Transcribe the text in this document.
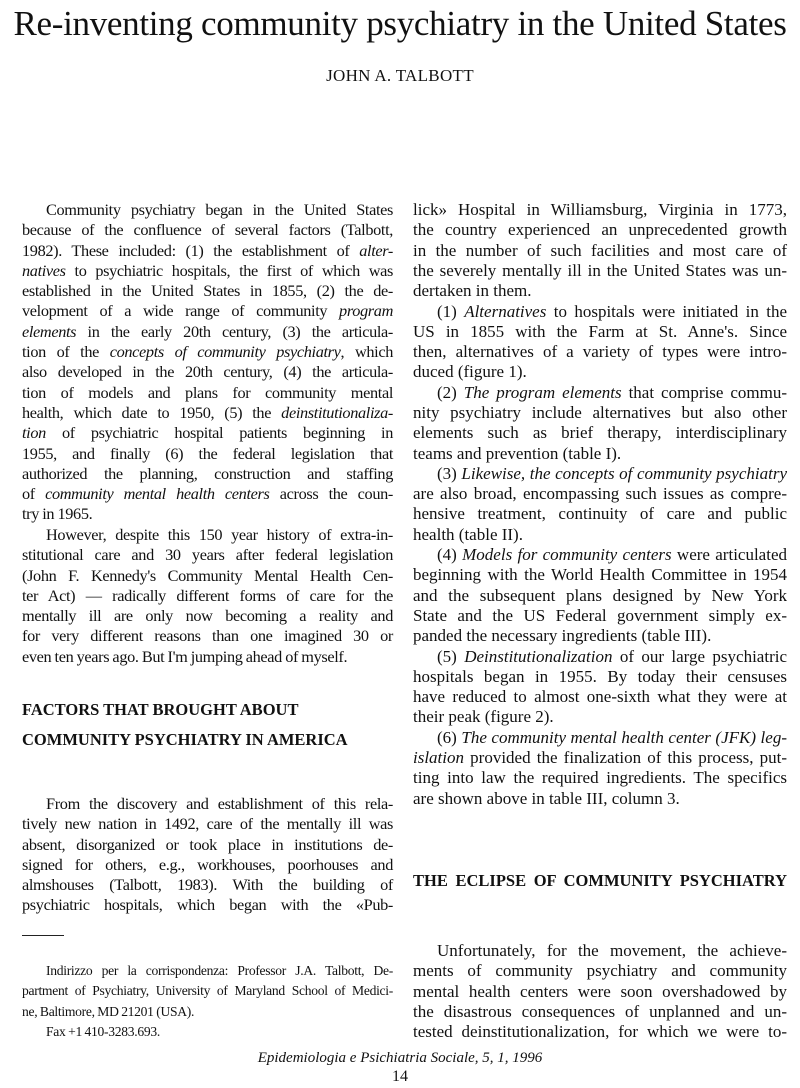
Re-inventing community psychiatry in the United States
JOHN A. TALBOTT
Community psychiatry began in the United States
because of the confluence of several factors (Talbott,
1982). These included: (1) the establishment of alter-
natives to psychiatric hospitals, the first of which was
established in the United States in 1855, (2) the de-
velopment of a wide range of community program
elements in the early 20th century, (3) the articula-
tion of the concepts of community psychiatry, which
also developed in the 20th century, (4) the articula-
tion of models and plans for community mental
health, which date to 1950, (5) the deinstitutionaliza-
tion of psychiatric hospital patients beginning in
1955, and finally (6) the federal legislation that
authorized the planning, construction and staffing
of community mental health centers across the coun-
try in 1965.
However, despite this 150 year history of extra-in-
stitutional care and 30 years after federal legislation
(John F. Kennedy's Community Mental Health Cen-
ter Act) — radically different forms of care for the
mentally ill are only now becoming a reality and
for very different reasons than one imagined 30 or
even ten years ago. But I'm jumping ahead of myself.
FACTORS THAT BROUGHT ABOUT
COMMUNITY PSYCHIATRY IN AMERICA
From the discovery and establishment of this rela-
tively new nation in 1492, care of the mentally ill was
absent, disorganized or took place in institutions de-
signed for others, e.g., workhouses, poorhouses and
almshouses (Talbott, 1983). With the building of
psychiatric hospitals, which began with the «Pub-
Indirizzo per la corrispondenza: Professor J.A. Talbott, De-
partment of Psychiatry, University of Maryland School of Medici-
ne, Baltimore, MD 21201 (USA).
Fax +1 410-3283.693.
lick» Hospital in Williamsburg, Virginia in 1773,
the country experienced an unprecedented growth
in the number of such facilities and most care of
the severely mentally ill in the United States was un-
dertaken in them.
(1) Alternatives to hospitals were initiated in the
US in 1855 with the Farm at St. Anne's. Since
then, alternatives of a variety of types were intro-
duced (figure 1).
(2) The program elements that comprise commu-
nity psychiatry include alternatives but also other
elements such as brief therapy, interdisciplinary
teams and prevention (table I).
(3) Likewise, the concepts of community psychiatry
are also broad, encompassing such issues as compre-
hensive treatment, continuity of care and public
health (table II).
(4) Models for community centers were articulated
beginning with the World Health Committee in 1954
and the subsequent plans designed by New York
State and the US Federal government simply ex-
panded the necessary ingredients (table III).
(5) Deinstitutionalization of our large psychiatric
hospitals began in 1955. By today their censuses
have reduced to almost one-sixth what they were at
their peak (figure 2).
(6) The community mental health center (JFK) leg-
islation provided the finalization of this process, put-
ting into law the required ingredients. The specifics
are shown above in table III, column 3.
THE ECLIPSE OF COMMUNITY PSYCHIATRY
Unfortunately, for the movement, the achieve-
ments of community psychiatry and community
mental health centers were soon overshadowed by
the disastrous consequences of unplanned and un-
tested deinstitutionalization, for which we were to-
Epidemiologia e Psichiatria Sociale, 5, 1, 1996
14
